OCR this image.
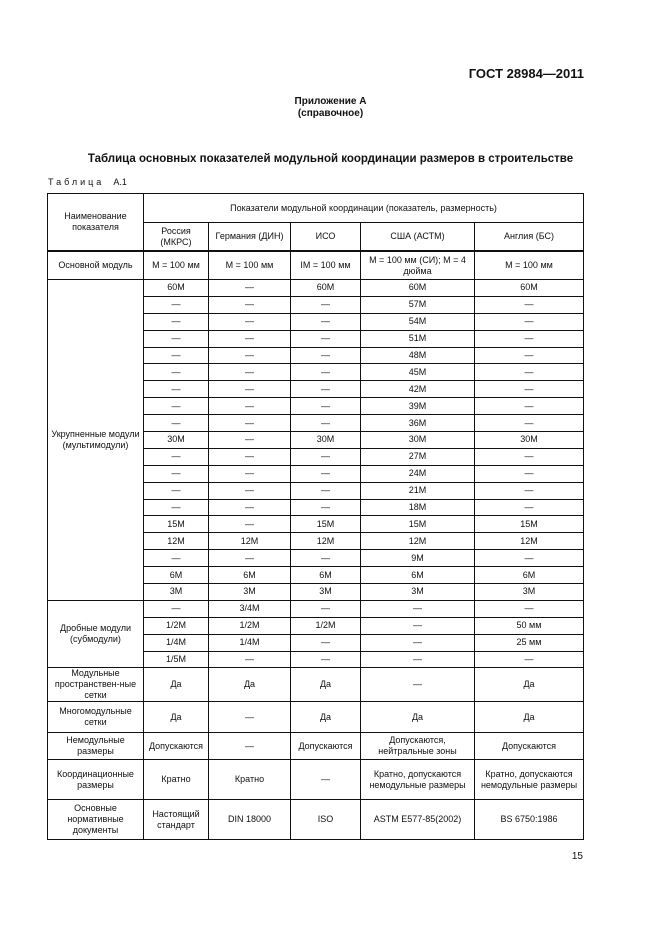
ГОСТ 28984—2011
Приложение А
(справочное)
Таблица основных показателей модульной координации размеров в строительстве
Таблица А.1
Наименование показателя	Показатели модульной координации (показатель, размерность)				
	Россия (МКРС)	Германия (ДИН)	ИСО	США (АСТМ)	Англия (БС)
Основной модуль	М = 100 мм	М = 100 мм	IМ = 100 мм	М = 100 мм (СИ); М = 4 дюйма	М = 100 мм
Укрупненные модули (мультимодули)	60М	—	60М	60М	60М
	—	—	—	57М	—
	—	—	—	54М	—
	—	—	—	51М	—
	—	—	—	48М	—
	—	—	—	45М	—
	—	—	—	42М	—
	—	—	—	39М	—
	—	—	—	36М	—
	30М	—	30М	30М	30М
	—	—	—	27М	—
	—	—	—	24М	—
	—	—	—	21М	—
	—	—	—	18М	—
	15М	—	15М	15М	15М
	12М	12М	12М	12М	12М
	—	—	—	9М	—
	6М	6М	6М	6М	6М
	3М	3М	3М	3М	3М
Дробные модули (субмодули)	—	3/4М	—	—	—
	1/2М	1/2М	1/2М	—	50 мм
	1/4М	1/4М	—	—	25 мм
	1/5М	—	—	—	—
Модульные пространствен-ные сетки	Да	Да	Да	—	Да
Многомодульные сетки	Да	—	Да	Да	Да
Немодульные размеры	Допускаются	—	Допускаются	Допускаются, нейтральные зоны	Допускаются
Координационные размеры	Кратно	Кратно	—	Кратно, допускаются немодульные размеры	Кратно, допускаются немодульные размеры
Основные нормативные документы	Настоящий стандарт	DIN 18000	ISO	ASTM E577-85(2002)	BS 6750:1986
15
